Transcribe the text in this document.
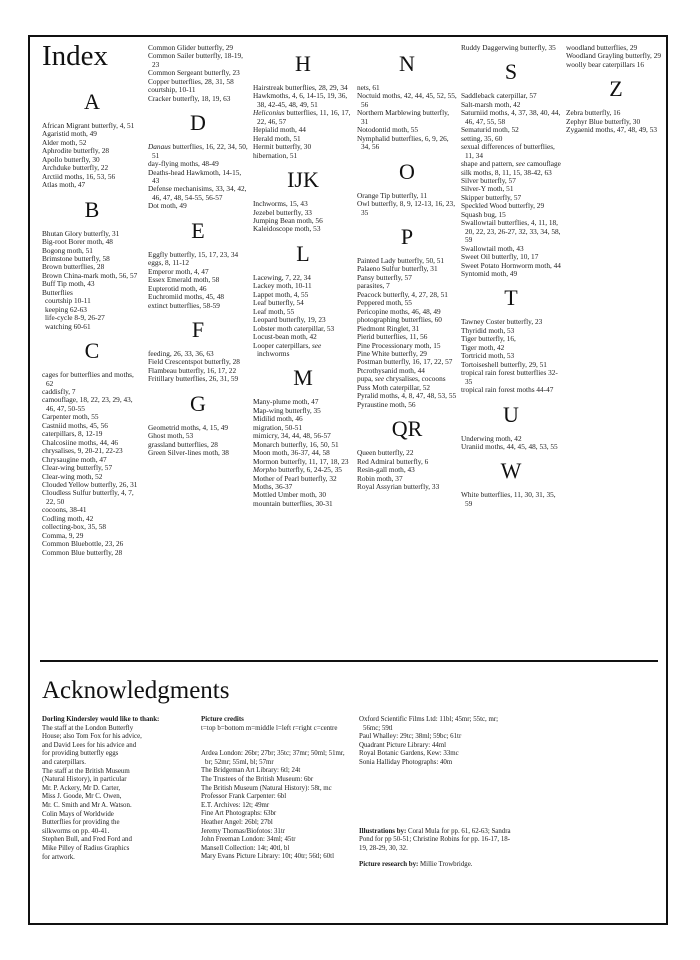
Index
A
African Migrant butterfly, 4, 51
Agaristid moth, 49
Alder moth, 52
Aphrodite butterfly, 28
Apollo butterfly, 30
Archduke butterfly, 22
Arctiid moths, 16, 53, 56
Atlas moth, 47
B
Bhutan Glory butterfly, 31
Big-root Borer moth, 48
Bogong moth, 51
Brimstone butterfly, 58
Brown butterflies, 28
Brown China-mark moth, 56, 57
Buff Tip moth, 43
Butterflies
courtship 10-11
keeping 62-63
life-cycle 8-9, 26-27
watching 60-61
C
cages for butterflies and moths, 62
caddisfly, 7
camouflage, 18, 22, 23, 29, 43, 46, 47, 50-55
Carpenter moth, 55
Castniid moths, 45, 56
caterpillars, 8, 12-19
Chalcosiine moths, 44, 46
chrysalises, 9, 20-21, 22-23
Chrysaugine moth, 47
Clear-wing butterfly, 57
Clear-wing moth, 52
Clouded Yellow butterfly, 26, 31
Cloudless Sulfur butterfly, 4, 7, 22, 50
cocoons, 38-41
Codling moth, 42
collecting-box, 35, 58
Comma, 9, 29
Common Bluebottle, 23, 26
Common Blue butterfly, 28
Common Glider butterfly, 29
Common Sailer butterfly, 18-19, 23
Common Sergeant butterfly, 23
Copper butterflies, 28, 31, 58
courtship, 10-11
Cracker butterfly, 18, 19, 63
D
Danaus butterflies, 16, 22, 34, 50, 51
day-flying moths, 48-49
Deaths-head Hawkmoth, 14-15, 43
Defense mechanisims, 33, 34, 42, 46, 47, 48, 54-55, 56-57
Dot moth, 49
E
Eggfly butterfly, 15, 17, 23, 34
eggs, 8, 11-12
Emperor moth, 4, 47
Essex Emerald moth, 58
Eupterotid moth, 46
Euchromiid moths, 45, 48
extinct butterflies, 58-59
F
feeding, 26, 33, 36, 63
Field Crescentspot butterfly, 28
Flambeau butterfly, 16, 17, 22
Fritillary butterflies, 26, 31, 59
G
Geometrid moths, 4, 15, 49
Ghost moth, 53
grassland butterflies, 28
Green Silver-lines moth, 38
H
Hairstreak butterflies, 28, 29, 34
Hawkmoths, 4, 6, 14-15, 19, 36, 38, 42-45, 48, 49, 51
Heliconius butterflies, 11, 16, 17, 22, 46, 57
Hepialid moth, 44
Herald moth, 51
Hermit butterfly, 30
hibernation, 51
IJK
Inchworms, 15, 43
Jezebel butterfly, 33
Jumping Bean moth, 56
Kaleidoscope moth, 53
L
Lacewing, 7, 22, 34
Lackey moth, 10-11
Lappet moth, 4, 55
Leaf butterfly, 54
Leaf moth, 55
Leopard butterfly, 19, 23
Lobster moth caterpillar, 53
Locust-bean moth, 42
Looper caterpillars, see inchworms
M
Many-plume moth, 47
Map-wing butterfly, 35
Midilid moth, 46
migration, 50-51
mimicry, 34, 44, 48, 56-57
Monarch butterfly, 16, 50, 51
Moon moth, 36-37, 44, 58
Mormon butterfly, 11, 17, 18, 23
Morpho butterfly, 6, 24-25, 35
Mother of Pearl butterfly, 32
Moths, 36-37
Mottled Umber moth, 30
mountain butterflies, 30-31
N
nets, 61
Noctuid moths, 42, 44, 45, 52, 55, 56
Northern Marblewing butterfly, 31
Notodontid moth, 55
Nymphalid butterflies, 6, 9, 26, 34, 56
O
Orange Tip butterfly, 11
Owl butterfly, 8, 9, 12-13, 16, 23, 35
P
Painted Lady butterfly, 50, 51
Palaeno Sulfur butterfly, 31
Pansy butterfly, 57
parasites, 7
Peacock butterfly, 4, 27, 28, 51
Peppered moth, 55
Pericopine moths, 46, 48, 49
photographing butterflies, 60
Piedmont Ringlet, 31
Pierid butterflies, 11, 56
Pine Processionary moth, 15
Pine White butterfly, 29
Postman butterfly, 16, 17, 22, 57
Ptcrothysanid moth, 44
pupa, see chrysalises, cocoons
Puss Moth caterpillar, 52
Pyralid moths, 4, 8, 47, 48, 53, 55
Pyraustine moth, 56
QR
Queen butterfly, 22
Red Admiral butterfly, 6
Resin-gall moth, 43
Robin moth, 37
Royal Assyrian butterfly, 33
Ruddy Daggerwing butterfly, 35
S
Saddleback caterpillar, 57
Salt-marsh moth, 42
Saturniid moths, 4, 37, 38, 40, 44, 46, 47, 55, 58
Sematurid moth, 52
setting, 35, 60
sexual differences of butterflies, 11, 34
shape and pattern, see camouflage
silk moths, 8, 11, 15, 38-42, 63
Silver butterfly, 57
Silver-Y moth, 51
Skipper butterfly, 57
Speckled Wood butterfly, 29
Squash bug, 15
Swallowtail butterflies, 4, 11, 18, 20, 22, 23, 26-27, 32, 33, 34, 58, 59
Swallowtail moth, 43
Sweet Oil butterfly, 10, 17
Sweet Potato Hornworm moth, 44
Syntomid moth, 49
T
Tawney Coster butterfly, 23
Thyridid moth, 53
Tiger butterfly, 16,
Tiger moth, 42
Tortricid moth, 53
Tortoiseshell butterfly, 29, 51
tropical rain forest butterflies 32-35
tropical rain forest moths 44-47
U
Underwing moth, 42
Uraniid moths, 44, 45, 48, 53, 55
W
White butterflies, 11, 30, 31, 35, 59
woodland butterflies, 29
Woodland Grayling butterfly, 29
woolly bear caterpillars 16
Z
Zebra butterfly, 16
Zephyr Blue butterfly, 30
Zygaenid moths, 47, 48, 49, 53
Acknowledgments

Dorling Kindersley would like to thank:

The staff at the London Butterfly

House; also Tom Fox for his advice,

and David Lees for his advice and

for providing butterfly eggs

and caterpillars.

The staff at the British Museum

(Natural History), in particular

Mr. P. Ackery, Mr D. Carter,

Miss J. Goode, Mr C. Owen,

Mr. C. Smith and Mr A. Watson.

Colin Mays of Worldwide

Butterflies for providing the

silkworms on pp. 40-41.

Stephen Bull, and Fred Ford and

Mike Pilley of Radius Graphics

for artwork.

Picture credits

t=top b=bottom m=middle l=left r=right c=centre

Ardea London: 26br; 27br; 35tc; 37mr; 50ml; 51mr, br; 52mr; 55ml, bl; 57mr

The Bridgeman Art Library: 6tl; 24t

The Trustees of the British Museum: 6br

The British Museum (Natural History): 58t, mc

Professor Frank Carpenter: 6bl

E.T. Archives: 12t; 49mr

Fine Art Photographs: 63br

Heather Angel: 26bl; 27bl

Jeremy Thomas/Biofotos: 31tr

John Freeman London: 34ml; 45tr

Mansell Collection: 14t; 40tl, bl

Mary Evans Picture Library: 10t; 40tr; 56tl; 60tl

Oxford Scientific Films Ltd: 11bl; 45mr; 55tc, mr; 56mc; 59tl

Paul Whalley: 29tc; 38ml; 59bc; 61tr

Quadrant Picture Library: 44ml

Royal Botanic Gardens, Kew: 33mc

Sonia Halliday Photographs: 40m

Illustrations by: Coral Mula for pp. 61, 62-63; Sandra Pond for pp 50-51; Christine Robins for pp. 16-17, 18-19, 28-29, 30, 32.

Picture research by: Millie Trowbridge.
